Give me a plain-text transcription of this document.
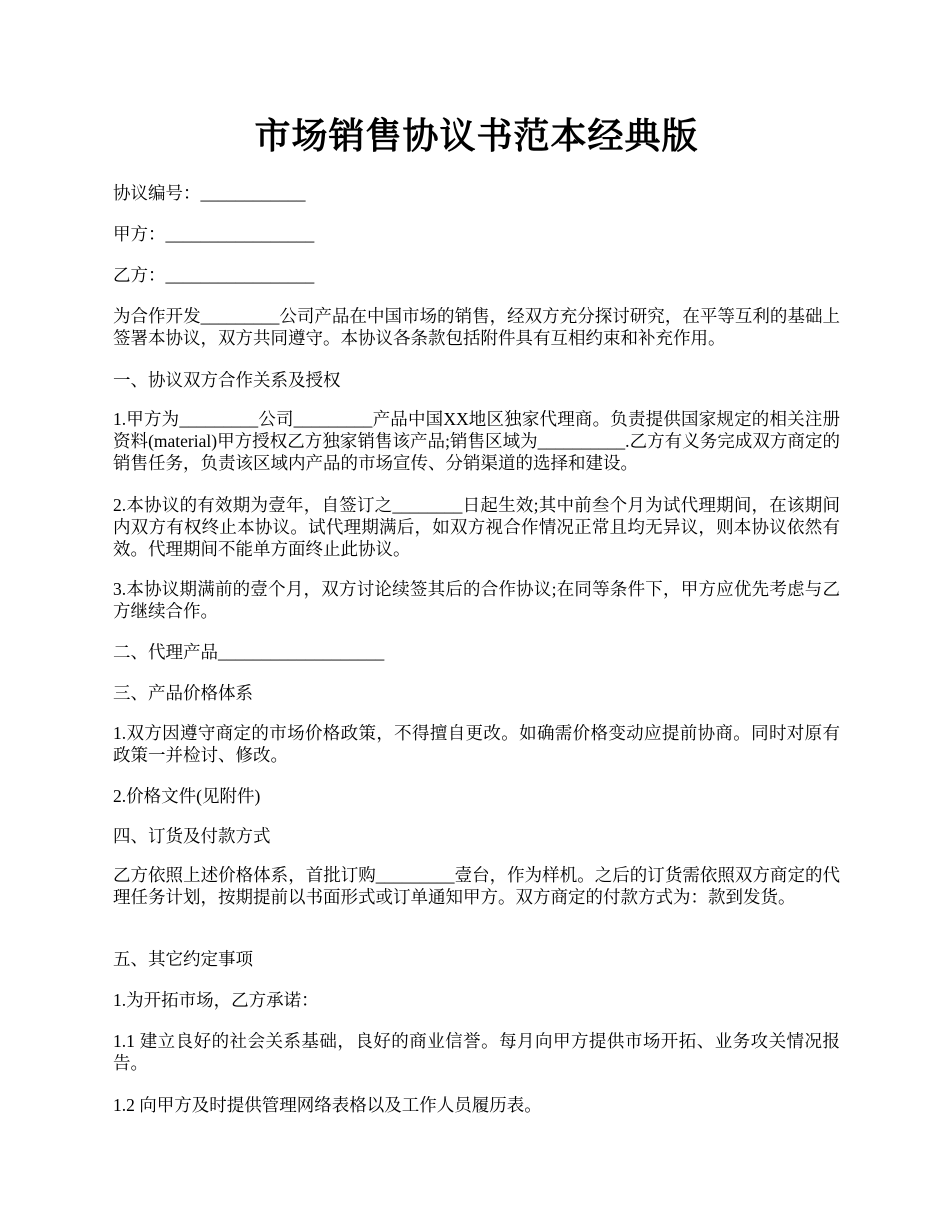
市场销售协议书范本经典版

协议编号：____________

甲方：_________________

乙方：_________________

为合作开发_________公司产品在中国市场的销售，经双方充分探讨研究，在平等互利的基础上签署本协议，双方共同遵守。本协议各条款包括附件具有互相约束和补充作用。

一、协议双方合作关系及授权

1.甲方为_________公司_________产品中国XX地区独家代理商。负责提供国家规定的相关注册资料(material)甲方授权乙方独家销售该产品;销售区域为__________.乙方有义务完成双方商定的销售任务，负责该区域内产品的市场宣传、分销渠道的选择和建设。

2.本协议的有效期为壹年，自签订之________日起生效;其中前叁个月为试代理期间，在该期间内双方有权终止本协议。试代理期满后，如双方视合作情况正常且均无异议，则本协议依然有效。代理期间不能单方面终止此协议。

3.本协议期满前的壹个月，双方讨论续签其后的合作协议;在同等条件下，甲方应优先考虑与乙方继续合作。

二、代理产品___________________

三、产品价格体系

1.双方因遵守商定的市场价格政策，不得擅自更改。如确需价格变动应提前协商。同时对原有政策一并检讨、修改。

2.价格文件(见附件)

四、订货及付款方式

乙方依照上述价格体系，首批订购_________壹台，作为样机。之后的订货需依照双方商定的代理任务计划，按期提前以书面形式或订单通知甲方。双方商定的付款方式为：款到发货。

五、其它约定事项

1.为开拓市场，乙方承诺：

1.1 建立良好的社会关系基础，良好的商业信誉。每月向甲方提供市场开拓、业务攻关情况报告。

1.2 向甲方及时提供管理网络表格以及工作人员履历表。
